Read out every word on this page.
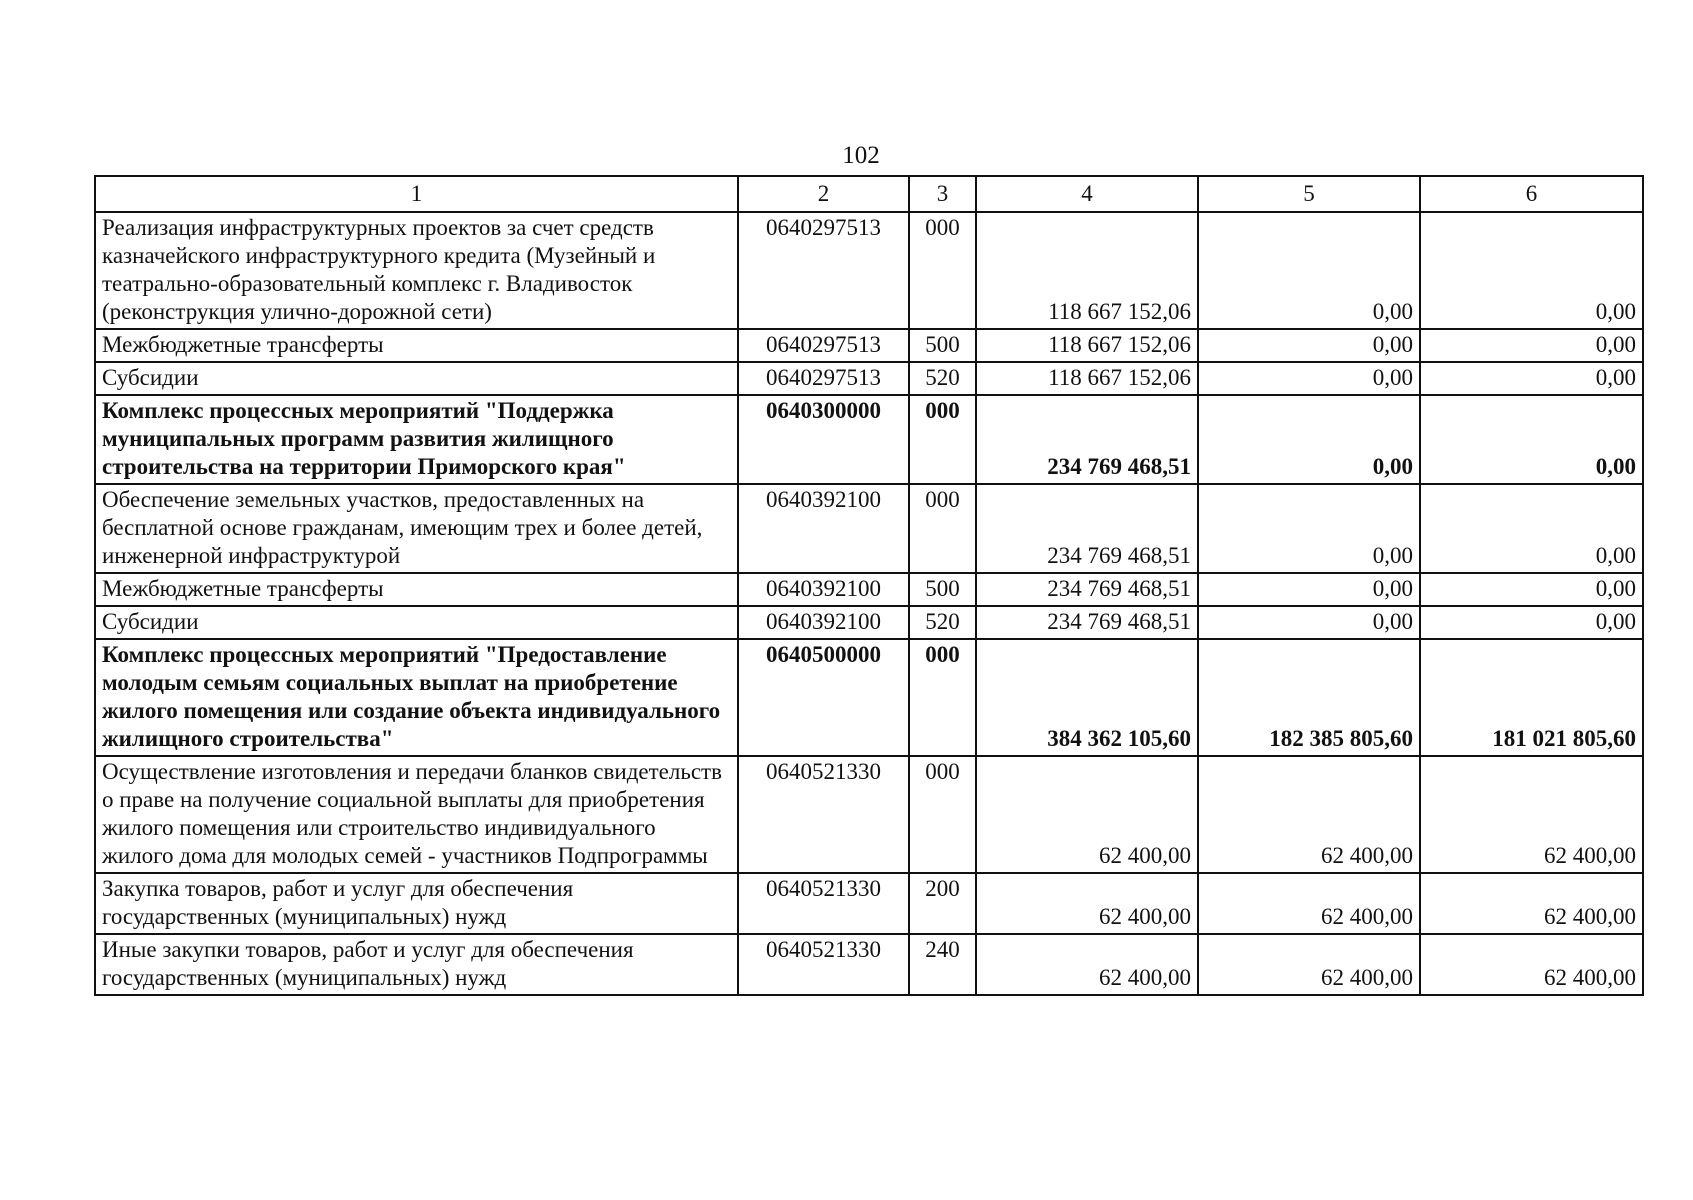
102
1	2	3	4	5	6
Реализация инфраструктурных проектов за счет средств казначейского инфраструктурного кредита (Музейный и театрально-образовательный комплекс г. Владивосток (реконструкция улично-дорожной сети)	0640297513	000	118 667 152,06	0,00	0,00
Межбюджетные трансферты	0640297513	500	118 667 152,06	0,00	0,00
Субсидии	0640297513	520	118 667 152,06	0,00	0,00
Комплекс процессных мероприятий "Поддержка муниципальных программ развития жилищного строительства на территории Приморского края"	0640300000	000	234 769 468,51	0,00	0,00
Обеспечение земельных участков, предоставленных на бесплатной основе гражданам, имеющим трех и более детей, инженерной инфраструктурой	0640392100	000	234 769 468,51	0,00	0,00
Межбюджетные трансферты	0640392100	500	234 769 468,51	0,00	0,00
Субсидии	0640392100	520	234 769 468,51	0,00	0,00
Комплекс процессных мероприятий "Предоставление молодым семьям социальных выплат на приобретение жилого помещения или создание объекта индивидуального жилищного строительства"	0640500000	000	384 362 105,60	182 385 805,60	181 021 805,60
Осуществление изготовления и передачи бланков свидетельств о праве на получение социальной выплаты для приобретения жилого помещения или строительство индивидуального жилого дома для молодых семей - участников Подпрограммы	0640521330	000	62 400,00	62 400,00	62 400,00
Закупка товаров, работ и услуг для обеспечения государственных (муниципальных) нужд	0640521330	200	62 400,00	62 400,00	62 400,00
Иные закупки товаров, работ и услуг для обеспечения государственных (муниципальных) нужд	0640521330	240	62 400,00	62 400,00	62 400,00
